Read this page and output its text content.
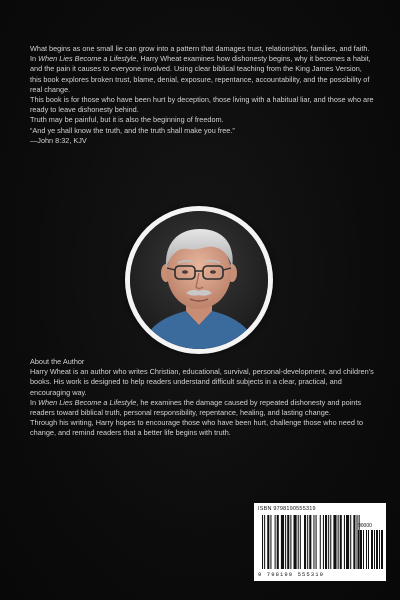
What begins as one small lie can grow into a pattern that damages trust, relationships, families, and faith.

In When Lies Become a Lifestyle, Harry Wheat examines how dishonesty begins, why it becomes a habit, and the pain it causes to everyone involved. Using clear biblical teaching from the King James Version, this book explores broken trust, blame, denial, exposure, repentance, accountability, and the possibility of real change.

This book is for those who have been hurt by deception, those living with a habitual liar, and those who are ready to leave dishonesty behind.

Truth may be painful, but it is also the beginning of freedom.

“And ye shall know the truth, and the truth shall make you free.”

—John 8:32, KJV

About the Author

Harry Wheat is an author who writes Christian, educational, survival, personal-development, and children’s books. His work is designed to help readers understand difficult subjects in a clear, practical, and encouraging way.

In When Lies Become a Lifestyle, he examines the damage caused by repeated dishonesty and points readers toward biblical truth, personal responsibility, repentance, healing, and lasting change.

Through his writing, Harry hopes to encourage those who have been hurt, challenge those who need to change, and remind readers that a better life begins with truth.

ISBN 9798190555319
90000
9 798190 555319
